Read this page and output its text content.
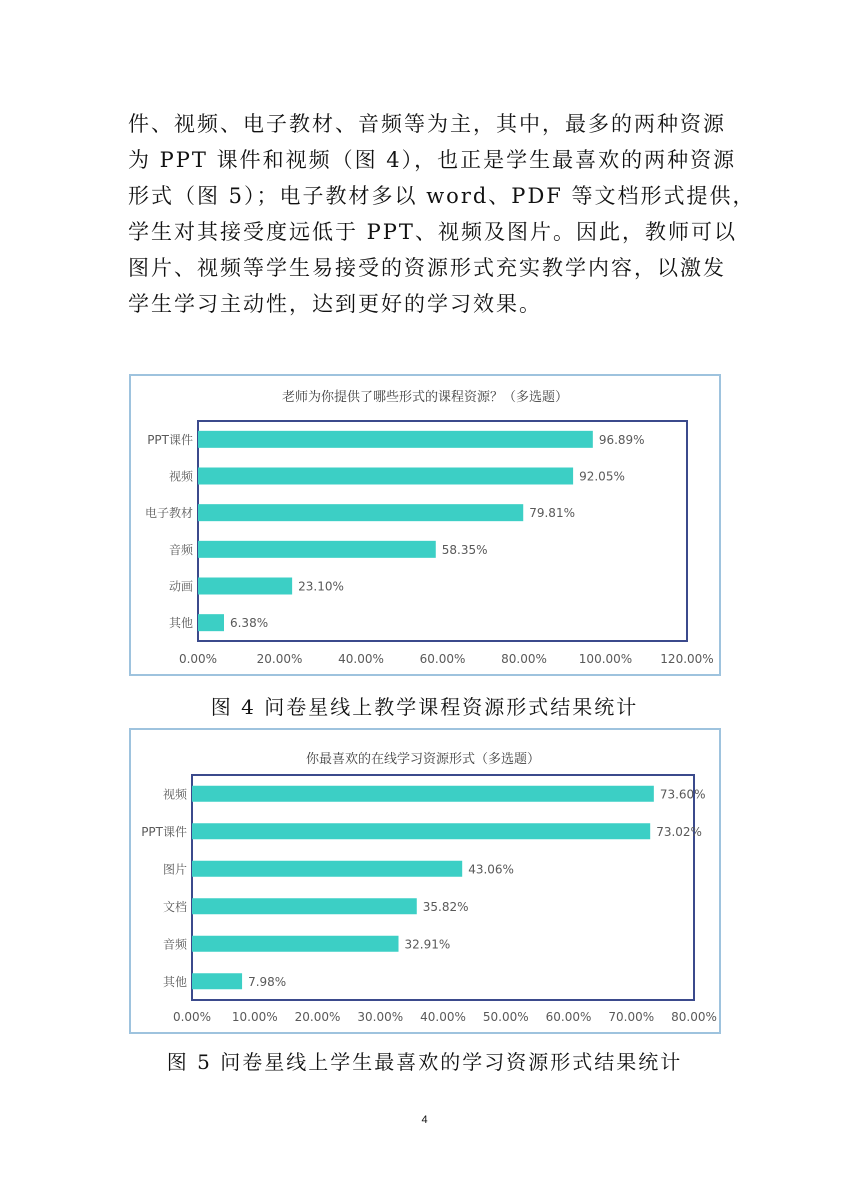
件、视频、电子教材、音频等为主，其中，最多的两种资源

为 PPT 课件和视频（图 4），也正是学生最喜欢的两种资源

形式（图 5）；电子教材多以 word、PDF 等文档形式提供，

学生对其接受度远低于 PPT、视频及图片。因此，教师可以

图片、视频等学生易接受的资源形式充实教学内容，以激发

学生学习主动性，达到更好的学习效果。

老师为你提供了哪些形式的课程资源？（多选题）
PPT课件	96.89%
视频	92.05%
电子教材	79.81%
音频	58.35%
动画	23.10%
其他	6.38%
0.00%	20.00%	40.00%	60.00%	80.00%	100.00% 120.00%
图 4 问卷星线上教学课程资源形式结果统计
你最喜欢的在线学习资源形式（多选题）
视频	73.60%
PPT课件	73.02%
图片	43.06%
文档	35.82%
音频	32.91%
其他	7.98%
0.00% 10.00% 20.00% 30.00% 40.00% 50.00% 60.00% 70.00% 80.00%
图 5 问卷星线上学生最喜欢的学习资源形式结果统计
4
